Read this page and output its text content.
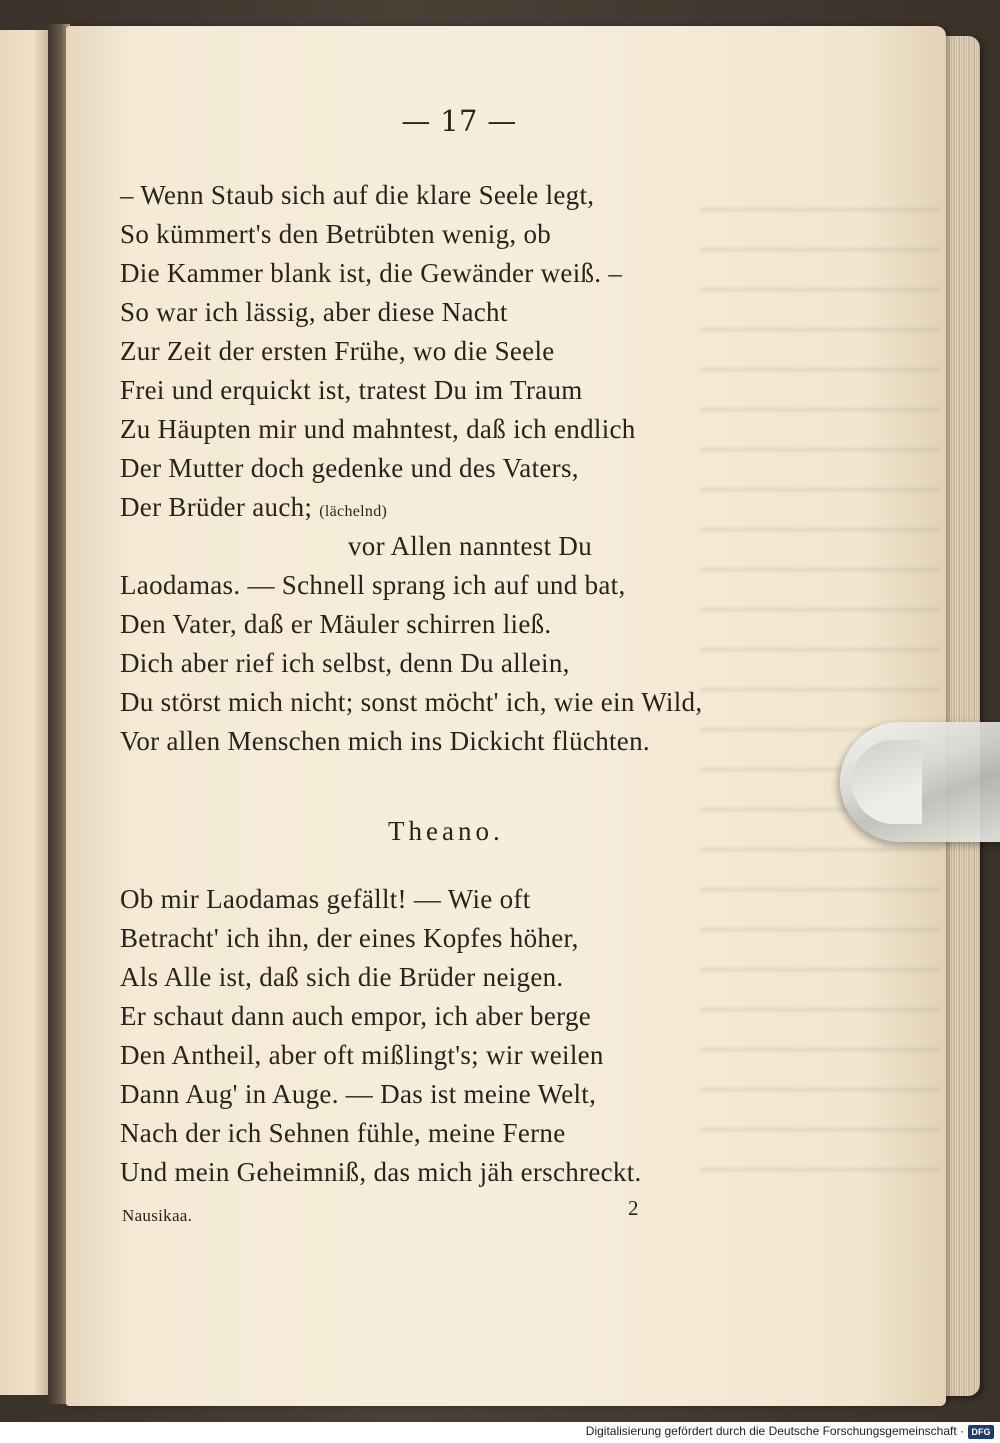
— 17 —
– Wenn Staub sich auf die klare Seele legt,
So kümmert's den Betrübten wenig, ob
Die Kammer blank ist, die Gewänder weiß. –
So war ich lässig, aber diese Nacht
Zur Zeit der ersten Frühe, wo die Seele
Frei und erquickt ist, tratest Du im Traum
Zu Häupten mir und mahntest, daß ich endlich
Der Mutter doch gedenke und des Vaters,
Der Brüder auch; (lächelnd)
vor Allen nanntest Du
Laodamas. — Schnell sprang ich auf und bat,
Den Vater, daß er Mäuler schirren ließ.
Dich aber rief ich selbst, denn Du allein,
Du störst mich nicht; sonst möcht' ich, wie ein Wild,
Vor allen Menschen mich ins Dickicht flüchten.
Theano.
Ob mir Laodamas gefällt! — Wie oft
Betracht' ich ihn, der eines Kopfes höher,
Als Alle ist, daß sich die Brüder neigen.
Er schaut dann auch empor, ich aber berge
Den Antheil, aber oft mißlingt's; wir weilen
Dann Aug' in Auge. — Das ist meine Welt,
Nach der ich Sehnen fühle, meine Ferne
Und mein Geheimniß, das mich jäh erschreckt.
Nausikaa.	2
Digitalisierung gefördert durch die Deutsche Forschungsgemeinschaft · DFG
